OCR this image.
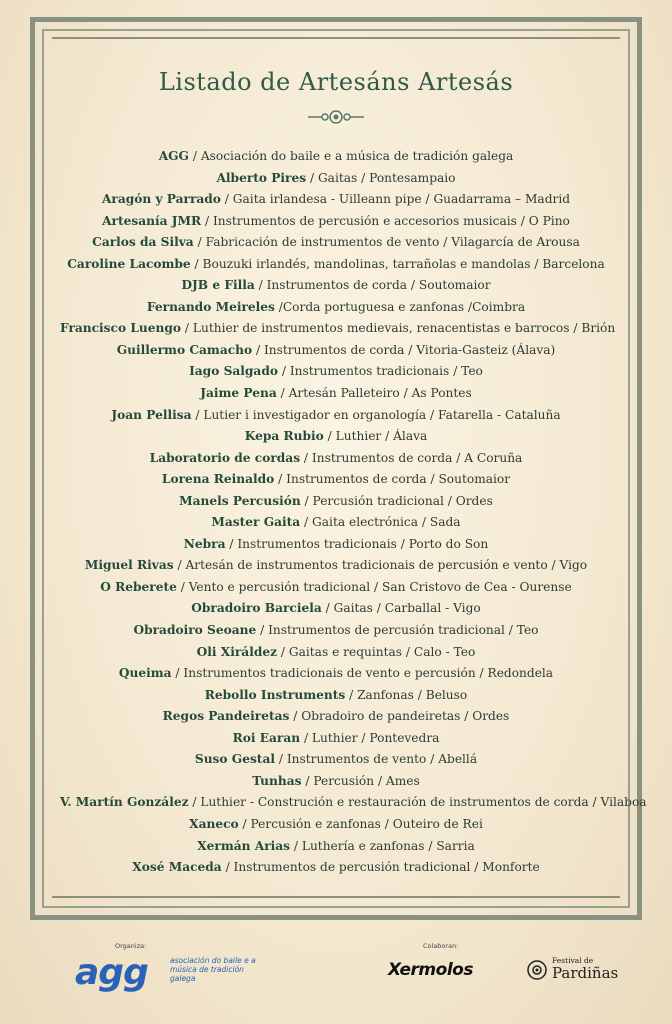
Listado de Artesáns Artesás
AGG / Asociación do baile e a música de tradición galega
Alberto Pires / Gaitas / Pontesampaio
Aragón y Parrado / Gaita irlandesa - Uilleann pipe / Guadarrama – Madrid
Artesanía JMR / Instrumentos de percusión e accesorios musicais / O Pino
Carlos da Silva / Fabricación de instrumentos de vento / Vilagarcía de Arousa
Caroline Lacombe / Bouzuki irlandés, mandolinas, tarrañolas e mandolas / Barcelona
DJB e Filla / Instrumentos de corda / Soutomaior
Fernando Meireles /Corda portuguesa e zanfonas /Coimbra
Francisco Luengo / Luthier de instrumentos medievais, renacentistas e barrocos / Brión
Guillermo Camacho / Instrumentos de corda / Vitoria-Gasteiz (Álava)
Iago Salgado / Instrumentos tradicionais / Teo
Jaime Pena / Artesán Palleteiro / As Pontes
Joan Pellisa / Lutier i investigador en organología / Fatarella - Cataluña
Kepa Rubio / Luthier / Álava
Laboratorio de cordas / Instrumentos de corda / A Coruña
Lorena Reinaldo / Instrumentos de corda / Soutomaior
Manels Percusión / Percusión tradicional / Ordes
Master Gaita / Gaita electrónica / Sada
Nebra / Instrumentos tradicionais / Porto do Son
Miguel Rivas / Artesán de instrumentos tradicionais de percusión e vento / Vigo
O Reberete / Vento e percusión tradicional / San Cristovo de Cea - Ourense
Obradoiro Barciela / Gaitas / Carballal - Vigo
Obradoiro Seoane / Instrumentos de percusión tradicional / Teo
Oli Xiráldez / Gaitas e requintas / Calo - Teo
Queima / Instrumentos tradicionais de vento e percusión / Redondela
Rebollo Instruments / Zanfonas / Beluso
Regos Pandeiretas / Obradoiro de pandeiretas / Ordes
Roi Earan / Luthier / Pontevedra
Suso Gestal / Instrumentos de vento / Abellá
Tunhas / Percusión / Ames
V. Martín González / Luthier - Construción e restauración de instrumentos de corda / Vilaboa
Xaneco / Percusión e zanfonas / Outeiro de Rei
Xermán Arias / Luthería e zanfonas / Sarria
Xosé Maceda / Instrumentos de percusión tradicional / Monforte
Organiza:
agg	asociación do baile e a música de tradición galega
Colaboran:
Xermolos	Festival de
Pardiñas
